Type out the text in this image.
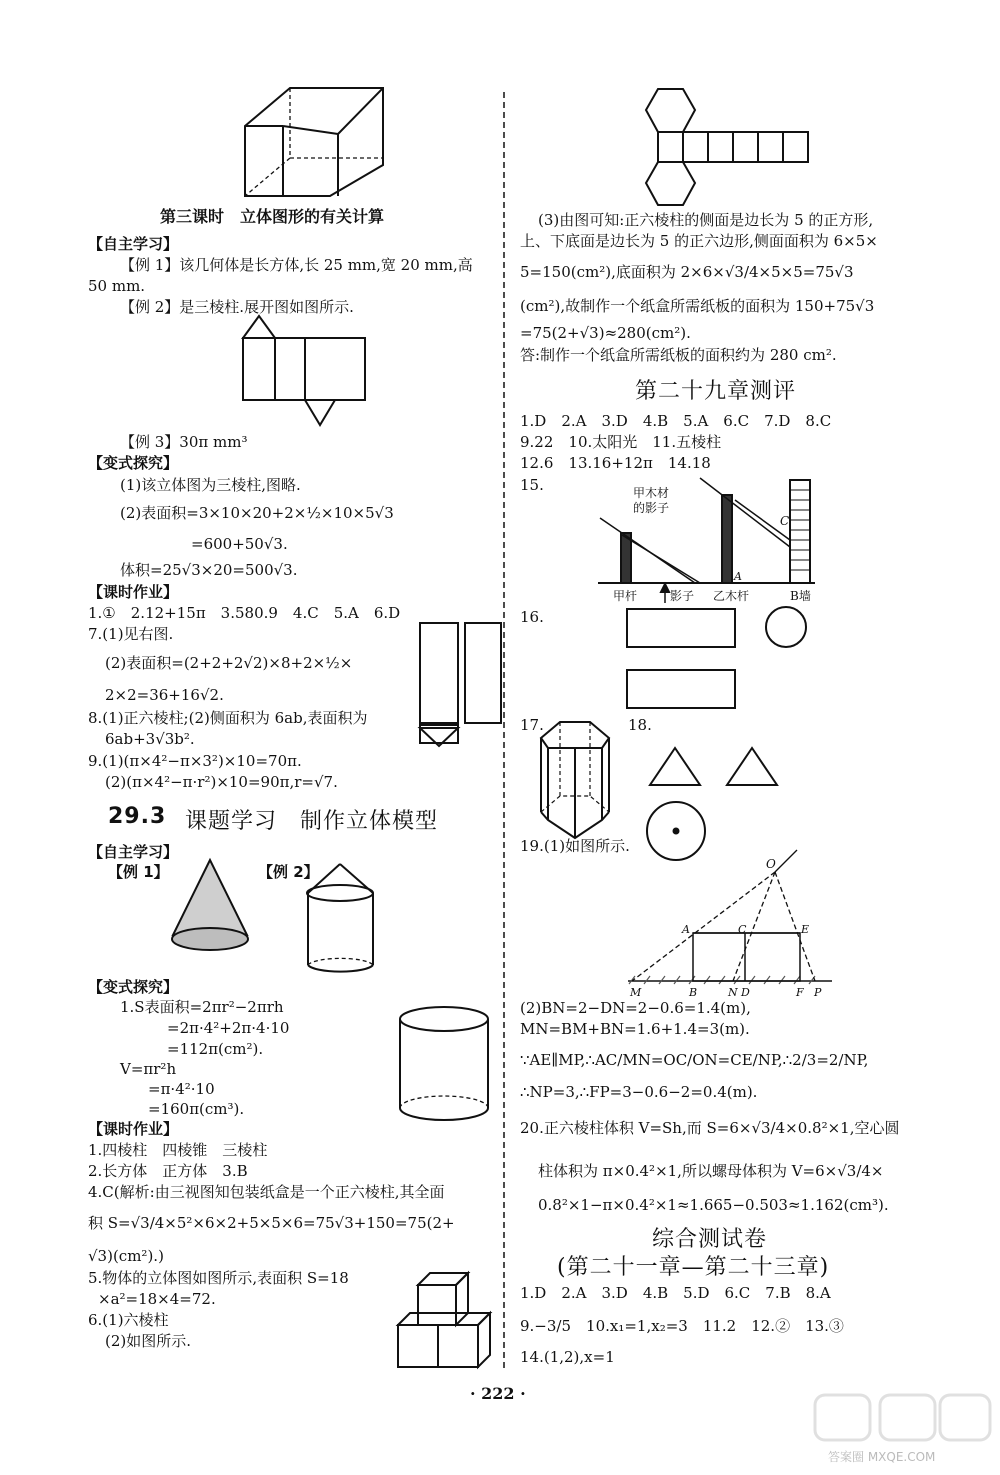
第三课时　立体图形的有关计算
【自主学习】
【例 1】该几何体是长方体,长 25 mm,宽 20 mm,高
50 mm.
【例 2】是三棱柱.展开图如图所示.
【例 3】30π mm³
【变式探究】
(1)该立体图为三棱柱,图略.
(2)表面积=3×10×20+2×½×10×5√3
=600+50√3.
体积=25√3×20=500√3.
【课时作业】
1.①　2.12+15π　3.580.9　4.C　5.A　6.D
7.(1)见右图.
(2)表面积=(2+2+2√2)×8+2×½×
2×2=36+16√2.
8.(1)正六棱柱;(2)侧面积为 6ab,表面积为
6ab+3√3b².
9.(1)(π×4²−π×3²)×10=70π.
(2)(π×4²−π·r²)×10=90π,r=√7.
29.3 课题学习　制作立体模型
【自主学习】
【例 1】	【例 2】
【变式探究】
1.S表面积=2πr²−2πrh
=2π·4²+2π·4·10
=112π(cm²).
V=πr²h
=π·4²·10
=160π(cm³).
【课时作业】
1.四棱柱　四棱锥　三棱柱
2.长方体　正方体　3.B
4.C(解析:由三视图知包装纸盒是一个正六棱柱,其全面
积 S=√3/4×5²×6×2+5×5×6=75√3+150=75(2+
√3)(cm²).)
5.物体的立体图如图所示,表面积 S=18
×a²=18×4=72.
6.(1)六棱柱
(2)如图所示.
(3)由图可知:正六棱柱的侧面是边长为 5 的正方形,
上、下底面是边长为 5 的正六边形,侧面面积为 6×5×
5=150(cm²),底面积为 2×6×√3/4×5×5=75√3
(cm²),故制作一个纸盒所需纸板的面积为 150+75√3
=75(2+√3)≈280(cm²).
答:制作一个纸盒所需纸板的面积约为 280 cm².
第二十九章测评
1.D　2.A　3.D　4.B　5.A　6.C　7.D　8.C
9.22　10.太阳光　11.五棱柱
12.6　13.16+12π　14.18
15.	甲木材
的影子
C
A
甲杆	影子 乙木杆	B墙
16.
17.	18.
19.(1)如图所示.
O
A	C	E
M	B	N D	F P
(2)BN=2−DN=2−0.6=1.4(m),
MN=BM+BN=1.6+1.4=3(m).
∵AE∥MP,∴AC/MN=OC/ON=CE/NP,∴2/3=2/NP,
∴NP=3,∴FP=3−0.6−2=0.4(m).
20.正六棱柱体积 V=Sh,而 S=6×√3/4×0.8²×1,空心圆
柱体积为 π×0.4²×1,所以螺母体积为 V=6×√3/4×
0.8²×1−π×0.4²×1≈1.665−0.503≈1.162(cm³).
综合测试卷
(第二十一章—第二十三章)
1.D　2.A　3.D　4.B　5.D　6.C　7.B　8.A
9.−3/5　10.x₁=1,x₂=3　11.2　12.②　13.③
14.(1,2),x=1
· 222 ·
答案圈 MXQE.COM
